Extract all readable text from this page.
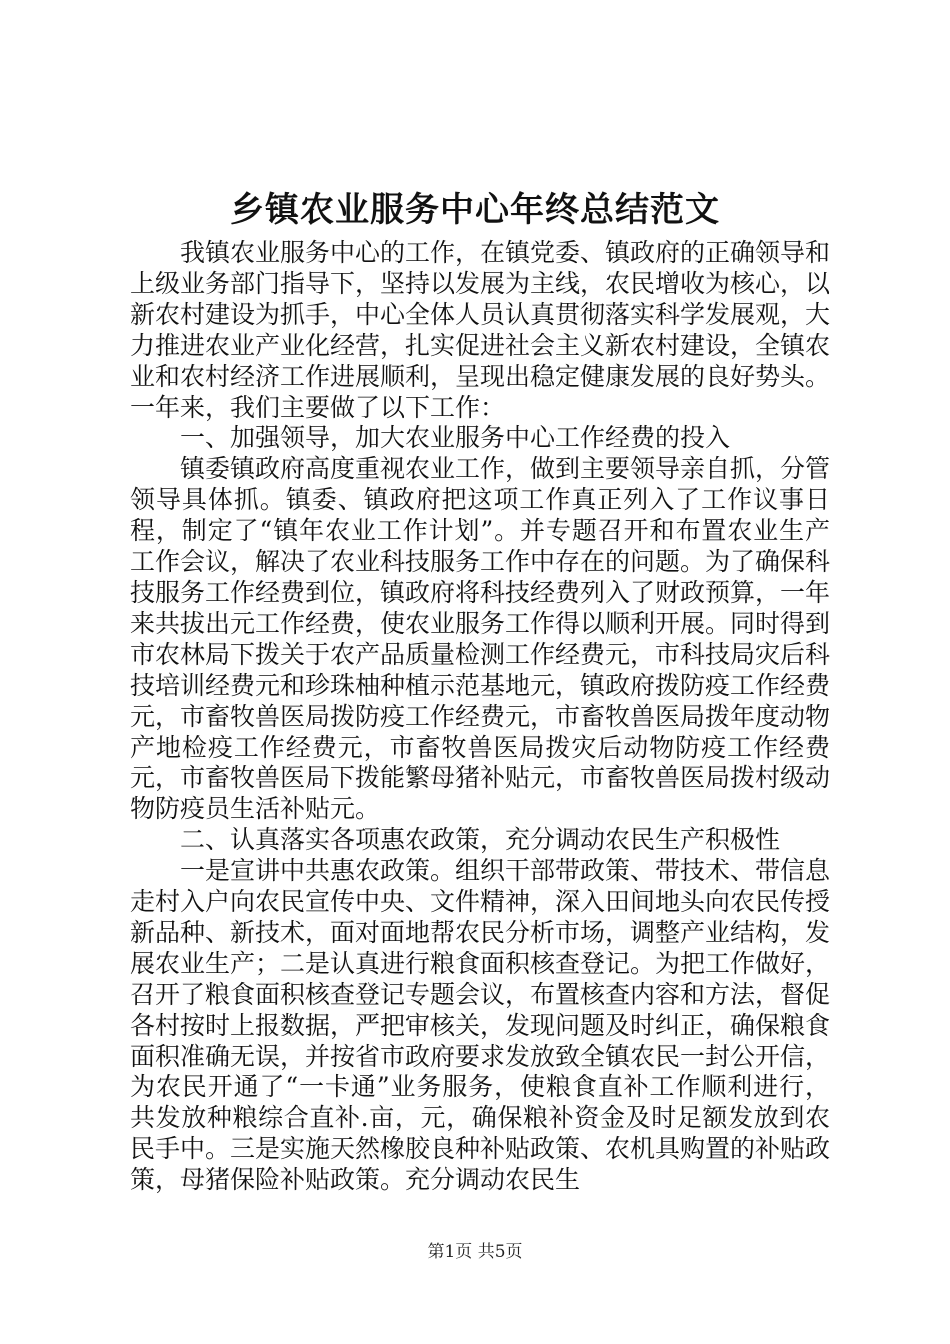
乡镇农业服务中心年终总结范文

我镇农业服务中心的工作，在镇党委、镇政府的正确领导和上级业务部门指导下，坚持以发展为主线，农民增收为核心，以新农村建设为抓手，中心全体人员认真贯彻落实科学发展观，大力推进农业产业化经营，扎实促进社会主义新农村建设，全镇农业和农村经济工作进展顺利，呈现出稳定健康发展的良好势头。一年来，我们主要做了以下工作：

一、加强领导，加大农业服务中心工作经费的投入

镇委镇政府高度重视农业工作，做到主要领导亲自抓，分管领导具体抓。镇委、镇政府把这项工作真正列入了工作议事日程，制定了“镇年农业工作计划”。并专题召开和布置农业生产工作会议，解决了农业科技服务工作中存在的问题。为了确保科技服务工作经费到位，镇政府将科技经费列入了财政预算，一年来共拔出元工作经费，使农业服务工作得以顺利开展。同时得到市农林局下拨关于农产品质量检测工作经费元，市科技局灾后科技培训经费元和珍珠柚种植示范基地元，镇政府拨防疫工作经费元，市畜牧兽医局拨防疫工作经费元，市畜牧兽医局拨年度动物产地检疫工作经费元，市畜牧兽医局拨灾后动物防疫工作经费元，市畜牧兽医局下拨能繁母猪补贴元，市畜牧兽医局拨村级动物防疫员生活补贴元。

二、认真落实各项惠农政策，充分调动农民生产积极性

一是宣讲中共惠农政策。组织干部带政策、带技术、带信息走村入户向农民宣传中央、文件精神，深入田间地头向农民传授新品种、新技术，面对面地帮农民分析市场，调整产业结构，发展农业生产；二是认真进行粮食面积核查登记。为把工作做好，召开了粮食面积核查登记专题会议，布置核查内容和方法，督促各村按时上报数据，严把审核关，发现问题及时纠正，确保粮食面积准确无误，并按省市政府要求发放致全镇农民一封公开信，为农民开通了“一卡通”业务服务，使粮食直补工作顺利进行，共发放种粮综合直补.亩，元，确保粮补资金及时足额发放到农民手中。三是实施天然橡胶良种补贴政策、农机具购置的补贴政策，母猪保险补贴政策。充分调动农民生

第1页 共5页
